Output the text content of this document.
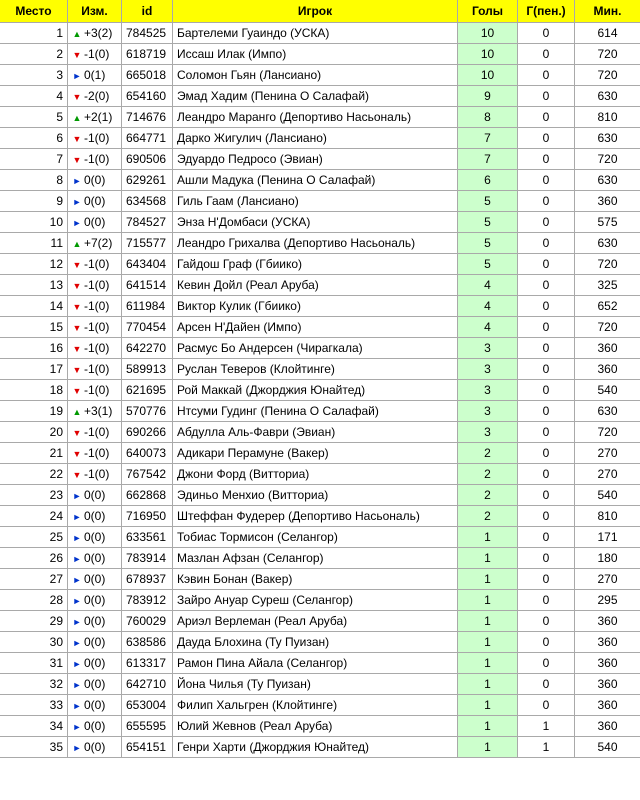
Место	Изм.	id	Игрок	Голы	Г(пен.)	Мин.
1	▲ +3(2)	784525	Бартелеми Гуаиндо (УСКА)	10	0	614
2	▼ -1(0)	618719	Иссаш Илак (Импо)	10	0	720
3	► 0(1)	665018	Соломон Гьян (Лансиано)	10	0	720
4	▼ -2(0)	654160	Эмад Хадим (Пенина О Салафай)	9	0	630
5	▲ +2(1)	714676	Леандро Маранго (Депортиво Насьональ)	8	0	810
6	▼ -1(0)	664771	Дарко Жигулич (Лансиано)	7	0	630
7	▼ -1(0)	690506	Эдуардо Педросо (Эвиан)	7	0	720
8	► 0(0)	629261	Ашли Мадука (Пенина О Салафай)	6	0	630
9	► 0(0)	634568	Гиль Гаам (Лансиано)	5	0	360
10	► 0(0)	784527	Энза Н'Домбаси (УСКА)	5	0	575
11	▲ +7(2)	715577	Леандро Грихалва (Депортиво Насьональ)	5	0	630
12	▼ -1(0)	643404	Гайдош Граф (Гбиико)	5	0	720
13	▼ -1(0)	641514	Кевин Дойл (Реал Аруба)	4	0	325
14	▼ -1(0)	611984	Виктор Кулик (Гбиико)	4	0	652
15	▼ -1(0)	770454	Арсен Н'Дайен (Импо)	4	0	720
16	▼ -1(0)	642270	Расмус Бо Андерсен (Чирагкала)	3	0	360
17	▼ -1(0)	589913	Руслан Теверов (Клойтинге)	3	0	360
18	▼ -1(0)	621695	Рой Маккай (Джорджия Юнайтед)	3	0	540
19	▲ +3(1)	570776	Нтсуми Гудинг (Пенина О Салафай)	3	0	630
20	▼ -1(0)	690266	Абдулла Аль-Фаври (Эвиан)	3	0	720
21	▼ -1(0)	640073	Адикари Перамуне (Вакер)	2	0	270
22	▼ -1(0)	767542	Джони Форд (Витториа)	2	0	270
23	► 0(0)	662868	Эдиньо Менхио (Витториа)	2	0	540
24	► 0(0)	716950	Штеффан Фудерер (Депортиво Насьональ)	2	0	810
25	► 0(0)	633561	Тобиас Тормисон (Селангор)	1	0	171
26	► 0(0)	783914	Мазлан Афзан (Селангор)	1	0	180
27	► 0(0)	678937	Кэвин Бонан (Вакер)	1	0	270
28	► 0(0)	783912	Зайро Ануар Суреш (Селангор)	1	0	295
29	► 0(0)	760029	Ариэл Верлеман (Реал Аруба)	1	0	360
30	► 0(0)	638586	Дауда Блохина (Ту Пуизан)	1	0	360
31	► 0(0)	613317	Рамон Пина Айала (Селангор)	1	0	360
32	► 0(0)	642710	Йона Чилья (Ту Пуизан)	1	0	360
33	► 0(0)	653004	Филип Хальгрен (Клойтинге)	1	0	360
34	► 0(0)	655595	Юлий Жевнов (Реал Аруба)	1	1	360
35	► 0(0)	654151	Генри Харти (Джорджия Юнайтед)	1	1	540
